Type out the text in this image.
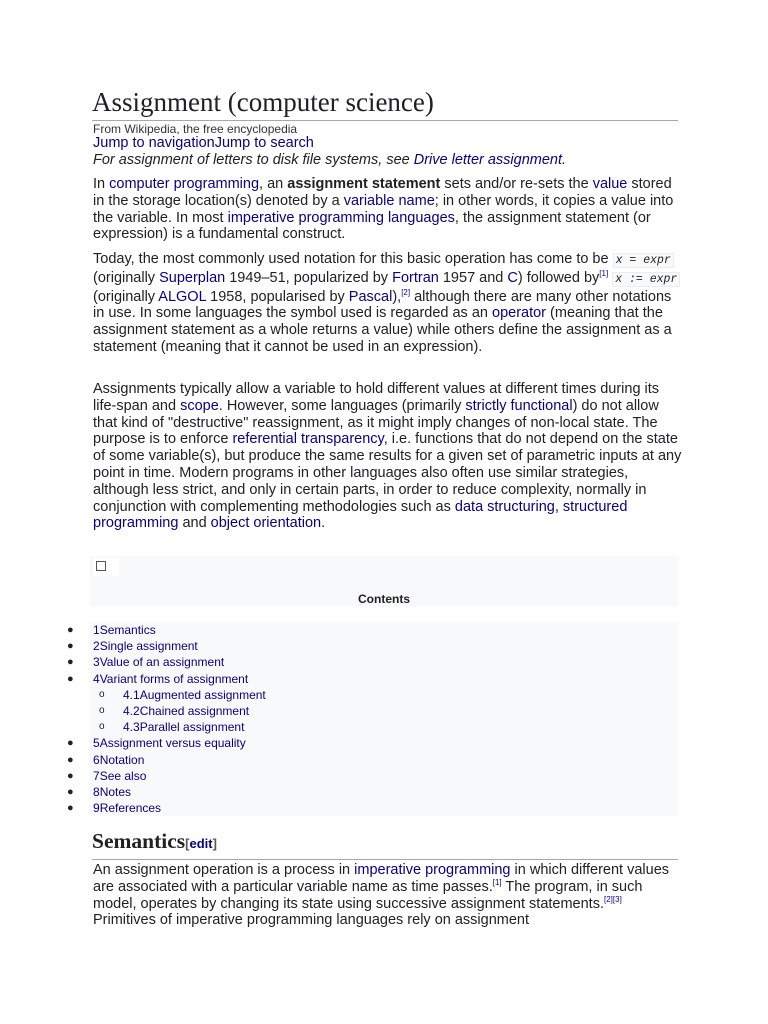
Assignment (computer science)
From Wikipedia, the free encyclopedia
Jump to navigationJump to search
For assignment of letters to disk file systems, see Drive letter assignment.

In computer programming, an assignment statement sets and/or re-sets the value stored in the storage location(s) denoted by a variable name; in other words, it copies a value into the variable. In most imperative programming languages, the assignment statement (or expression) is a fundamental construct.

Today, the most commonly used notation for this basic operation has come to be x = expr (originally Superplan 1949–51, popularized by Fortran 1957 and C) followed by[1] x := expr (originally ALGOL 1958, popularised by Pascal),[2] although there are many other notations in use. In some languages the symbol used is regarded as an operator (meaning that the assignment statement as a whole returns a value) while others define the assignment as a statement (meaning that it cannot be used in an expression).

Assignments typically allow a variable to hold different values at different times during its life-span and scope. However, some languages (primarily strictly functional) do not allow that kind of "destructive" reassignment, as it might imply changes of non-local state. The purpose is to enforce referential transparency, i.e. functions that do not depend on the state of some variable(s), but produce the same results for a given set of parametric inputs at any point in time. Modern programs in other languages also often use similar strategies, although less strict, and only in certain parts, in order to reduce complexity, normally in conjunction with complementing methodologies such as data structuring, structured programming and object orientation.

Contents
● 1Semantics
● 2Single assignment
● 3Value of an assignment
● 4Variant forms of assignment
o 4.1Augmented assignment
o 4.2Chained assignment
o 4.3Parallel assignment
● 5Assignment versus equality
● 6Notation
● 7See also
● 8Notes
● 9References
Semantics[edit]

An assignment operation is a process in imperative programming in which different values are associated with a particular variable name as time passes.[1] The program, in such model, operates by changing its state using successive assignment statements.[2][3] Primitives of imperative programming languages rely on assignment
